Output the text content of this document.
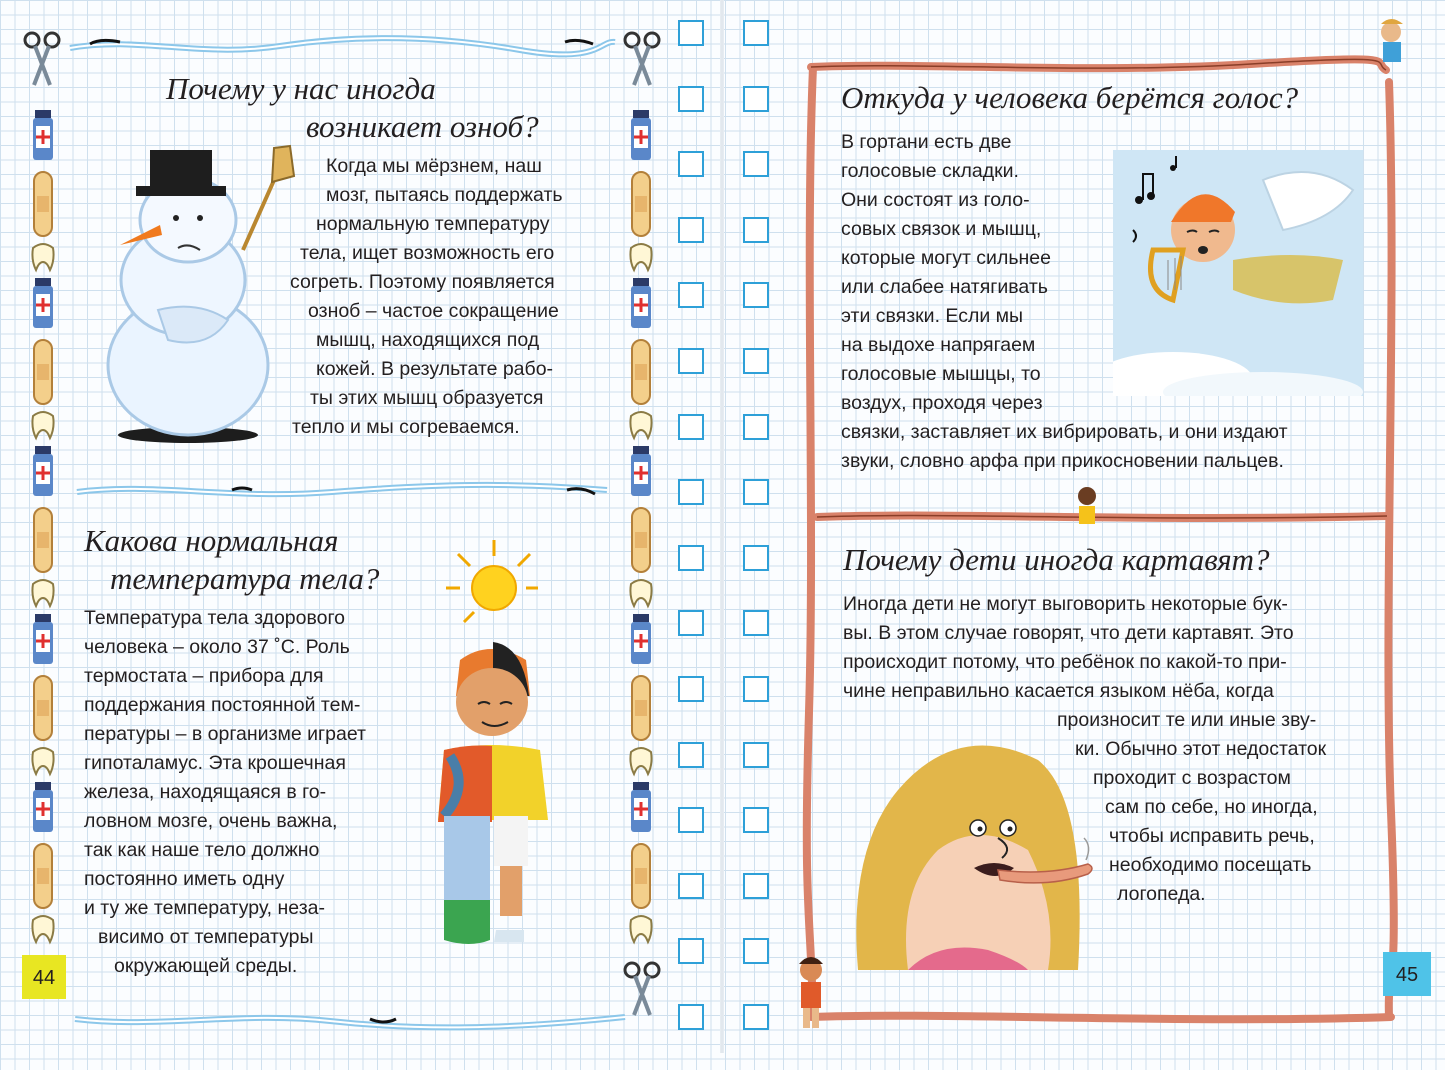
Почему у нас иногда
возникает озноб?
Когда мы мёрзнем, наш
мозг, пытаясь поддержать
нормальную температуру
тела, ищет возможность его
согреть. Поэтому появляется
озноб – частое сокращение
мышц, находящихся под
кожей. В результате рабо-
ты этих мышц образуется
тепло и мы согреваемся.
Какова нормальная
температура тела?
Температура тела здорового
человека – около 37 ˚С. Роль
термостата – прибора для
поддержания постоянной тем-
пературы – в организме играет
гипоталамус. Эта крошечная
железа, находящаяся в го-
ловном мозге, очень важна,
так как наше тело должно
постоянно иметь одну
и ту же температуру, неза-
висимо от температуры
окружающей среды.
44
Откуда у человека берётся голос?
В гортани есть две
голосовые складки.
Они состоят из голо-
совых связок и мышц,
которые могут сильнее
или слабее натягивать
эти связки. Если мы
на выдохе напрягаем
голосовые мышцы, то
воздух, проходя через
связки, заставляет их вибрировать, и они издают
звуки, словно арфа при прикосновении пальцев.
Почему дети иногда картавят?
Иногда дети не могут выговорить некоторые бук-
вы. В этом случае говорят, что дети картавят. Это
происходит потому, что ребёнок по какой-то при-
чине неправильно касается языком нёба, когда
произносит те или иные зву-
ки. Обычно этот недостаток
проходит с возрастом
сам по себе, но иногда,
чтобы исправить речь,
необходимо посещать
логопеда.
45
